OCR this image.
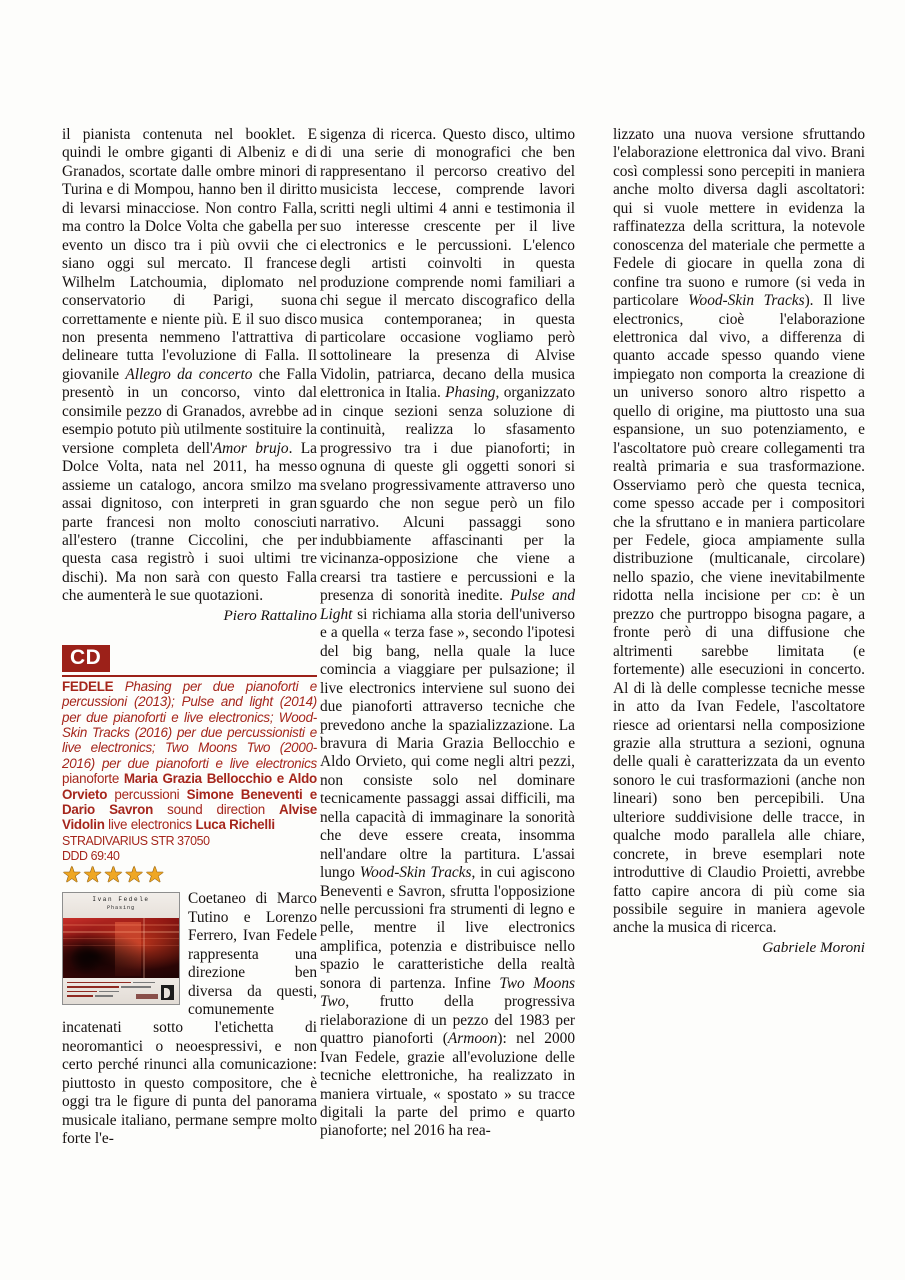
il pianista contenuta nel booklet. E quindi le ombre giganti di Albeniz e di Granados, scortate dalle ombre minori di Turina e di Mompou, hanno ben il diritto di levarsi minacciose. Non contro Falla, ma contro la Dolce Volta che gabella per evento un disco tra i più ovvii che ci siano oggi sul mercato. Il francese Wilhelm Latchoumia, diplomato nel conservatorio di Parigi, suona correttamente e niente più. E il suo disco non presenta nemmeno l'attrattiva di delineare tutta l'evoluzione di Falla. Il giovanile Allegro da concerto che Falla presentò in un concorso, vinto dal consimile pezzo di Granados, avrebbe ad esempio potuto più utilmente sostituire la versione completa dell'Amor brujo. La Dolce Volta, nata nel 2011, ha messo assieme un catalogo, ancora smilzo ma assai dignitoso, con interpreti in gran parte francesi non molto conosciuti all'estero (tranne Ciccolini, che per questa casa registrò i suoi ultimi tre dischi). Ma non sarà con questo Falla che aumenterà le sue quotazioni.

Piero Rattalino

CD
FEDELE Phasing per due pianoforti e percussioni (2013); Pulse and light (2014) per due pianoforti e live electronics; Wood-Skin Tracks (2016) per due percussionisti e live electronics; Two Moons Two (2000-2016) per due pianoforti e live electronics pianoforte Maria Grazia Bellocchio e Aldo Orvieto percussioni Simone Beneventi e Dario Savron sound direction Alvise Vidolin live electronics Luca Richelli
STRADIVARIUS STR 37050
DDD 69:40
★★★★★
Ivan Fedele
Phasing

Coetaneo di Marco Tutino e Lorenzo Ferrero, Ivan Fedele rappresenta una direzione ben diversa da questi, comunemente incatenati sotto l'etichetta di neoromantici o neoespressivi, e non certo perché rinunci alla comunicazione: piuttosto in questo compositore, che è oggi tra le figure di punta del panorama musicale italiano, permane sempre molto forte l'e-

sigenza di ricerca. Questo disco, ultimo di una serie di monografici che ben rappresentano il percorso creativo del musicista leccese, comprende lavori scritti negli ultimi 4 anni e testimonia il suo interesse crescente per il live electronics e le percussioni. L'elenco degli artisti coinvolti in questa produzione comprende nomi familiari a chi segue il mercato discografico della musica contemporanea; in questa particolare occasione vogliamo però sottolineare la presenza di Alvise Vidolin, patriarca, decano della musica elettronica in Italia. Phasing, organizzato in cinque sezioni senza soluzione di continuità, realizza lo sfasamento progressivo tra i due pianoforti; in ognuna di queste gli oggetti sonori si svelano progressivamente attraverso uno sguardo che non segue però un filo narrativo. Alcuni passaggi sono indubbiamente affascinanti per la vicinanza-opposizione che viene a crearsi tra tastiere e percussioni e la presenza di sonorità inedite. Pulse and Light si richiama alla storia dell'universo e a quella « terza fase », secondo l'ipotesi del big bang, nella quale la luce comincia a viaggiare per pulsazione; il live electronics interviene sul suono dei due pianoforti attraverso tecniche che prevedono anche la spazializzazione. La bravura di Maria Grazia Bellocchio e Aldo Orvieto, qui come negli altri pezzi, non consiste solo nel dominare tecnicamente passaggi assai difficili, ma nella capacità di immaginare la sonorità che deve essere creata, insomma nell'andare oltre la partitura. L'assai lungo Wood-Skin Tracks, in cui agiscono Beneventi e Savron, sfrutta l'opposizione nelle percussioni fra strumenti di legno e pelle, mentre il live electronics amplifica, potenzia e distribuisce nello spazio le caratteristiche della realtà sonora di partenza. Infine Two Moons Two, frutto della progressiva rielaborazione di un pezzo del 1983 per quattro pianoforti (Armoon): nel 2000 Ivan Fedele, grazie all'evoluzione delle tecniche elettroniche, ha realizzato in maniera virtuale, « spostato » su tracce digitali la parte del primo e quarto pianoforte; nel 2016 ha rea-

lizzato una nuova versione sfruttando l'elaborazione elettronica dal vivo. Brani così complessi sono percepiti in maniera anche molto diversa dagli ascoltatori: qui si vuole mettere in evidenza la raffinatezza della scrittura, la notevole conoscenza del materiale che permette a Fedele di giocare in quella zona di confine tra suono e rumore (si veda in particolare Wood-Skin Tracks). Il live electronics, cioè l'elaborazione elettronica dal vivo, a differenza di quanto accade spesso quando viene impiegato non comporta la creazione di un universo sonoro altro rispetto a quello di origine, ma piuttosto una sua espansione, un suo potenziamento, e l'ascoltatore può creare collegamenti tra realtà primaria e sua trasformazione. Osserviamo però che questa tecnica, come spesso accade per i compositori che la sfruttano e in maniera particolare per Fedele, gioca ampiamente sulla distribuzione (multicanale, circolare) nello spazio, che viene inevitabilmente ridotta nella incisione per cd: è un prezzo che purtroppo bisogna pagare, a fronte però di una diffusione che altrimenti sarebbe limitata (e fortemente) alle esecuzioni in concerto. Al di là delle complesse tecniche messe in atto da Ivan Fedele, l'ascoltatore riesce ad orientarsi nella composizione grazie alla struttura a sezioni, ognuna delle quali è caratterizzata da un evento sonoro le cui trasformazioni (anche non lineari) sono ben percepibili. Una ulteriore suddivisione delle tracce, in qualche modo parallela alle chiare, concrete, in breve esemplari note introduttive di Claudio Proietti, avrebbe fatto capire ancora di più come sia possibile seguire in maniera agevole anche la musica di ricerca.

Gabriele Moroni
